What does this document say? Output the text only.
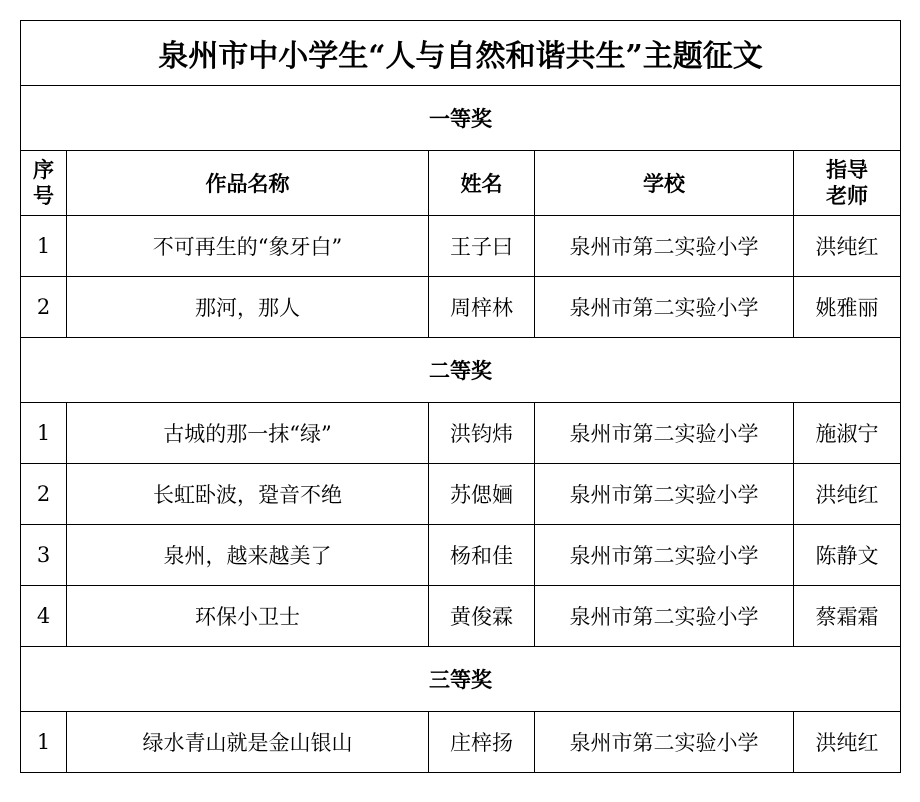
泉州市中小学生“人与自然和谐共生”主题征文				
一等奖				
序号	作品名称	姓名	学校	指导老师
1	不可再生的“象牙白”	王子曰	泉州市第二实验小学	洪纯红
2	那河，那人	周梓林	泉州市第二实验小学	姚雅丽
二等奖				
1	古城的那一抹“绿”	洪钧炜	泉州市第二实验小学	施淑宁
2	长虹卧波，跫音不绝	苏偲婳	泉州市第二实验小学	洪纯红
3	泉州，越来越美了	杨和佳	泉州市第二实验小学	陈静文
4	环保小卫士	黄俊霖	泉州市第二实验小学	蔡霜霜
三等奖				
1	绿水青山就是金山银山	庄梓扬	泉州市第二实验小学	洪纯红
